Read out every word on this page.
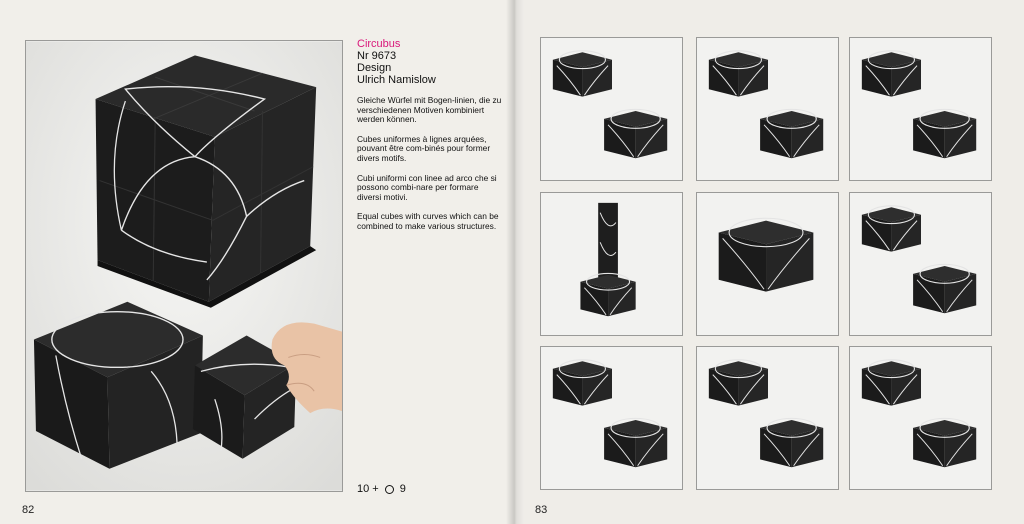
Circubus
Nr 9673
Design
Ulrich Namislow
Gleiche Würfel mit Bogen-linien, die zu verschiedenen Motiven kombiniert werden können.
Cubes uniformes à lignes arquées, pouvant être com-binés pour former divers motifs.
Cubi uniformi con linee ad arco che si possono combi-nare per formare diversi motivi.
Equal cubes with curves which can be combined to make various structures.
10 + 9
82	83
